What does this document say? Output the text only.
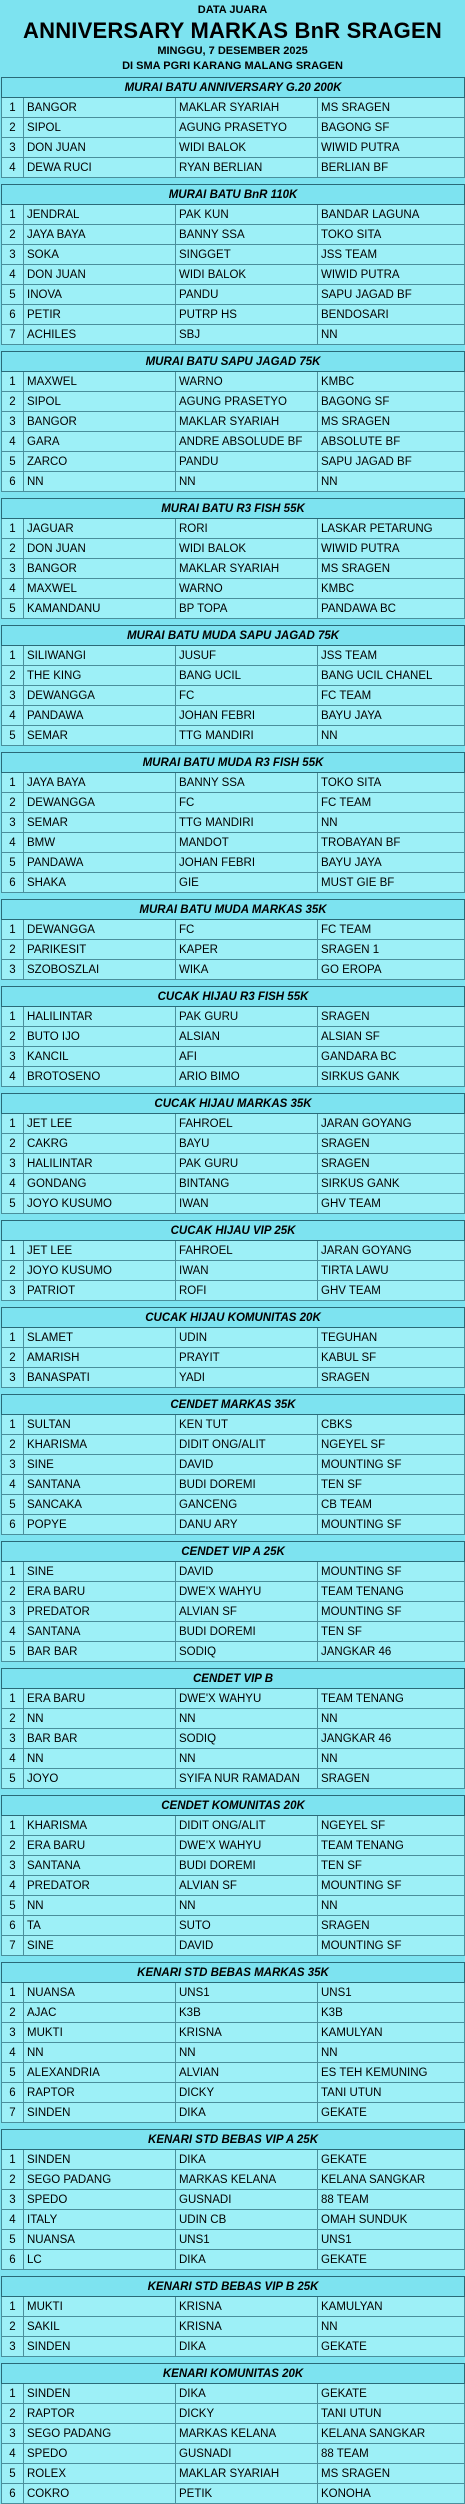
DATA JUARA
ANNIVERSARY MARKAS BnR SRAGEN
MINGGU, 7 DESEMBER 2025
DI SMA PGRI KARANG MALANG SRAGEN
MURAI BATU ANNIVERSARY G.20 200K			
1	BANGOR	MAKLAR SYARIAH	MS SRAGEN
2	SIPOL	AGUNG PRASETYO	BAGONG SF
3	DON JUAN	WIDI BALOK	WIWID PUTRA
4	DEWA RUCI	RYAN BERLIAN	BERLIAN BF
MURAI BATU BnR 110K			
1	JENDRAL	PAK KUN	BANDAR LAGUNA
2	JAYA BAYA	BANNY SSA	TOKO SITA
3	SOKA	SINGGET	JSS TEAM
4	DON JUAN	WIDI BALOK	WIWID PUTRA
5	INOVA	PANDU	SAPU JAGAD BF
6	PETIR	PUTRP HS	BENDOSARI
7	ACHILES	SBJ	NN
MURAI BATU SAPU JAGAD 75K			
1	MAXWEL	WARNO	KMBC
2	SIPOL	AGUNG PRASETYO	BAGONG SF
3	BANGOR	MAKLAR SYARIAH	MS SRAGEN
4	GARA	ANDRE ABSOLUDE BF	ABSOLUTE BF
5	ZARCO	PANDU	SAPU JAGAD BF
6	NN	NN	NN
MURAI BATU R3 FISH 55K			
1	JAGUAR	RORI	LASKAR PETARUNG
2	DON JUAN	WIDI BALOK	WIWID PUTRA
3	BANGOR	MAKLAR SYARIAH	MS SRAGEN
4	MAXWEL	WARNO	KMBC
5	KAMANDANU	BP TOPA	PANDAWA BC
MURAI BATU MUDA SAPU JAGAD 75K			
1	SILIWANGI	JUSUF	JSS TEAM
2	THE KING	BANG UCIL	BANG UCIL CHANEL
3	DEWANGGA	FC	FC TEAM
4	PANDAWA	JOHAN FEBRI	BAYU JAYA
5	SEMAR	TTG MANDIRI	NN
MURAI BATU MUDA R3 FISH 55K			
1	JAYA BAYA	BANNY SSA	TOKO SITA
2	DEWANGGA	FC	FC TEAM
3	SEMAR	TTG MANDIRI	NN
4	BMW	MANDOT	TROBAYAN BF
5	PANDAWA	JOHAN FEBRI	BAYU JAYA
6	SHAKA	GIE	MUST GIE BF
MURAI BATU MUDA MARKAS 35K			
1	DEWANGGA	FC	FC TEAM
2	PARIKESIT	KAPER	SRAGEN 1
3	SZOBOSZLAI	WIKA	GO EROPA
CUCAK HIJAU R3 FISH 55K			
1	HALILINTAR	PAK GURU	SRAGEN
2	BUTO IJO	ALSIAN	ALSIAN SF
3	KANCIL	AFI	GANDARA BC
4	BROTOSENO	ARIO BIMO	SIRKUS GANK
CUCAK HIJAU MARKAS 35K			
1	JET LEE	FAHROEL	JARAN GOYANG
2	CAKRG	BAYU	SRAGEN
3	HALILINTAR	PAK GURU	SRAGEN
4	GONDANG	BINTANG	SIRKUS GANK
5	JOYO KUSUMO	IWAN	GHV TEAM
CUCAK HIJAU VIP 25K			
1	JET LEE	FAHROEL	JARAN GOYANG
2	JOYO KUSUMO	IWAN	TIRTA LAWU
3	PATRIOT	ROFI	GHV TEAM
CUCAK HIJAU KOMUNITAS 20K			
1	SLAMET	UDIN	TEGUHAN
2	AMARISH	PRAYIT	KABUL SF
3	BANASPATI	YADI	SRAGEN
CENDET MARKAS 35K			
1	SULTAN	KEN TUT	CBKS
2	KHARISMA	DIDIT ONG/ALIT	NGEYEL SF
3	SINE	DAVID	MOUNTING SF
4	SANTANA	BUDI DOREMI	TEN SF
5	SANCAKA	GANCENG	CB TEAM
6	POPYE	DANU ARY	MOUNTING SF
CENDET VIP A 25K			
1	SINE	DAVID	MOUNTING SF
2	ERA BARU	DWE'X WAHYU	TEAM TENANG
3	PREDATOR	ALVIAN SF	MOUNTING SF
4	SANTANA	BUDI DOREMI	TEN SF
5	BAR BAR	SODIQ	JANGKAR 46
CENDET VIP B			
1	ERA BARU	DWE'X WAHYU	TEAM TENANG
2	NN	NN	NN
3	BAR BAR	SODIQ	JANGKAR 46
4	NN	NN	NN
5	JOYO	SYIFA NUR RAMADAN	SRAGEN
CENDET KOMUNITAS 20K			
1	KHARISMA	DIDIT ONG/ALIT	NGEYEL SF
2	ERA BARU	DWE'X WAHYU	TEAM TENANG
3	SANTANA	BUDI DOREMI	TEN SF
4	PREDATOR	ALVIAN SF	MOUNTING SF
5	NN	NN	NN
6	TA	SUTO	SRAGEN
7	SINE	DAVID	MOUNTING SF
KENARI STD BEBAS MARKAS 35K			
1	NUANSA	UNS1	UNS1
2	AJAC	K3B	K3B
3	MUKTI	KRISNA	KAMULYAN
4	NN	NN	NN
5	ALEXANDRIA	ALVIAN	ES TEH KEMUNING
6	RAPTOR	DICKY	TANI UTUN
7	SINDEN	DIKA	GEKATE
KENARI STD BEBAS VIP A 25K			
1	SINDEN	DIKA	GEKATE
2	SEGO PADANG	MARKAS KELANA	KELANA SANGKAR
3	SPEDO	GUSNADI	88 TEAM
4	ITALY	UDIN CB	OMAH SUNDUK
5	NUANSA	UNS1	UNS1
6	LC	DIKA	GEKATE
KENARI STD BEBAS VIP B 25K			
1	MUKTI	KRISNA	KAMULYAN
2	SAKIL	KRISNA	NN
3	SINDEN	DIKA	GEKATE
KENARI KOMUNITAS 20K			
1	SINDEN	DIKA	GEKATE
2	RAPTOR	DICKY	TANI UTUN
3	SEGO PADANG	MARKAS KELANA	KELANA SANGKAR
4	SPEDO	GUSNADI	88 TEAM
5	ROLEX	MAKLAR SYARIAH	MS SRAGEN
6	COKRO	PETIK	KONOHA
